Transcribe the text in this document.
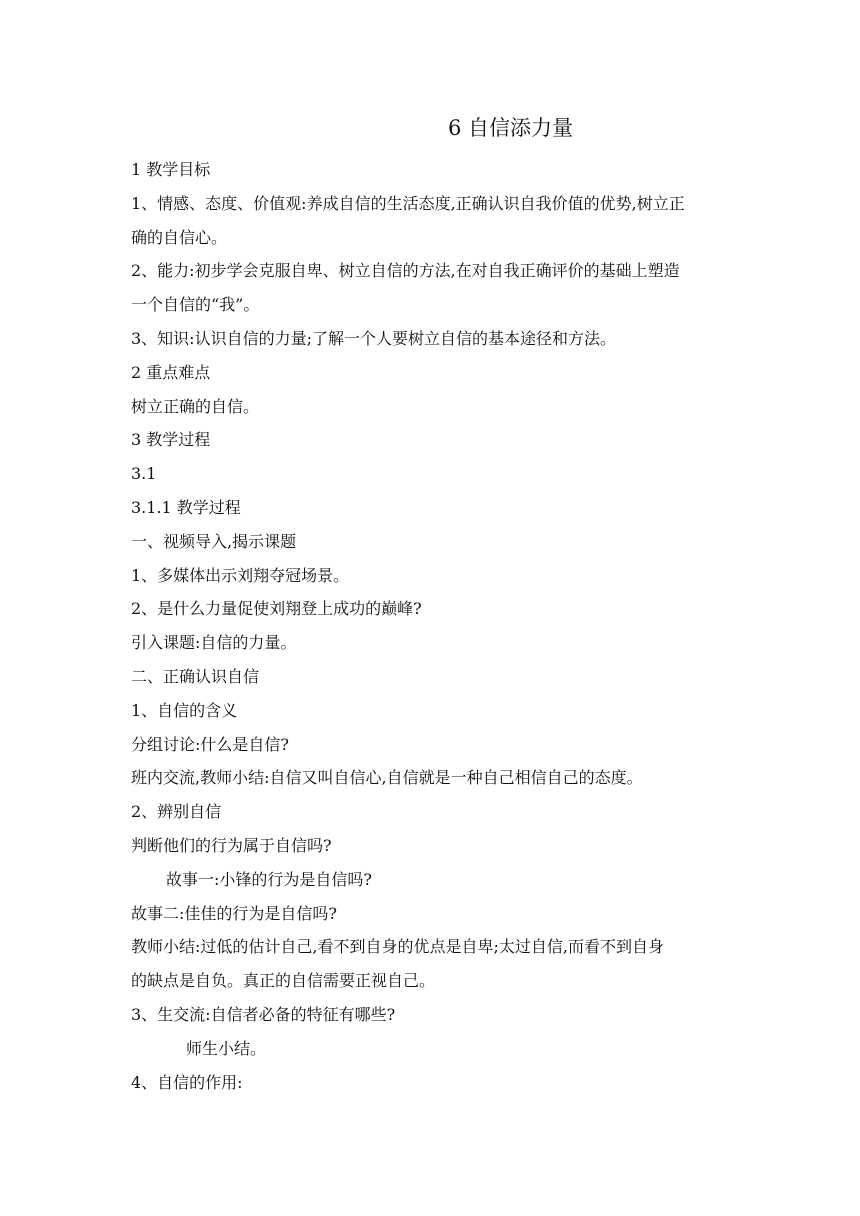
6 自信添力量
1 教学目标
1、情感、态度、价值观:养成自信的生活态度,正确认识自我价值的优势,树立正
确的自信心。
2、能力:初步学会克服自卑、树立自信的方法,在对自我正确评价的基础上塑造
一个自信的“我”。
3、知识:认识自信的力量;了解一个人要树立自信的基本途径和方法。
2 重点难点
树立正确的自信。
3 教学过程
3.1
3.1.1 教学过程
一、视频导入,揭示课题
1、多媒体出示刘翔夺冠场景。
2、是什么力量促使刘翔登上成功的巅峰?
引入课题:自信的力量。
二、正确认识自信
1、自信的含义
分组讨论:什么是自信?
班内交流,教师小结:自信又叫自信心,自信就是一种自己相信自己的态度。
2、辨别自信
判断他们的行为属于自信吗?
故事一:小锋的行为是自信吗?
故事二:佳佳的行为是自信吗?
教师小结:过低的估计自己,看不到自身的优点是自卑;太过自信,而看不到自身
的缺点是自负。真正的自信需要正视自己。
3、生交流:自信者必备的特征有哪些?
师生小结。
4、自信的作用:
